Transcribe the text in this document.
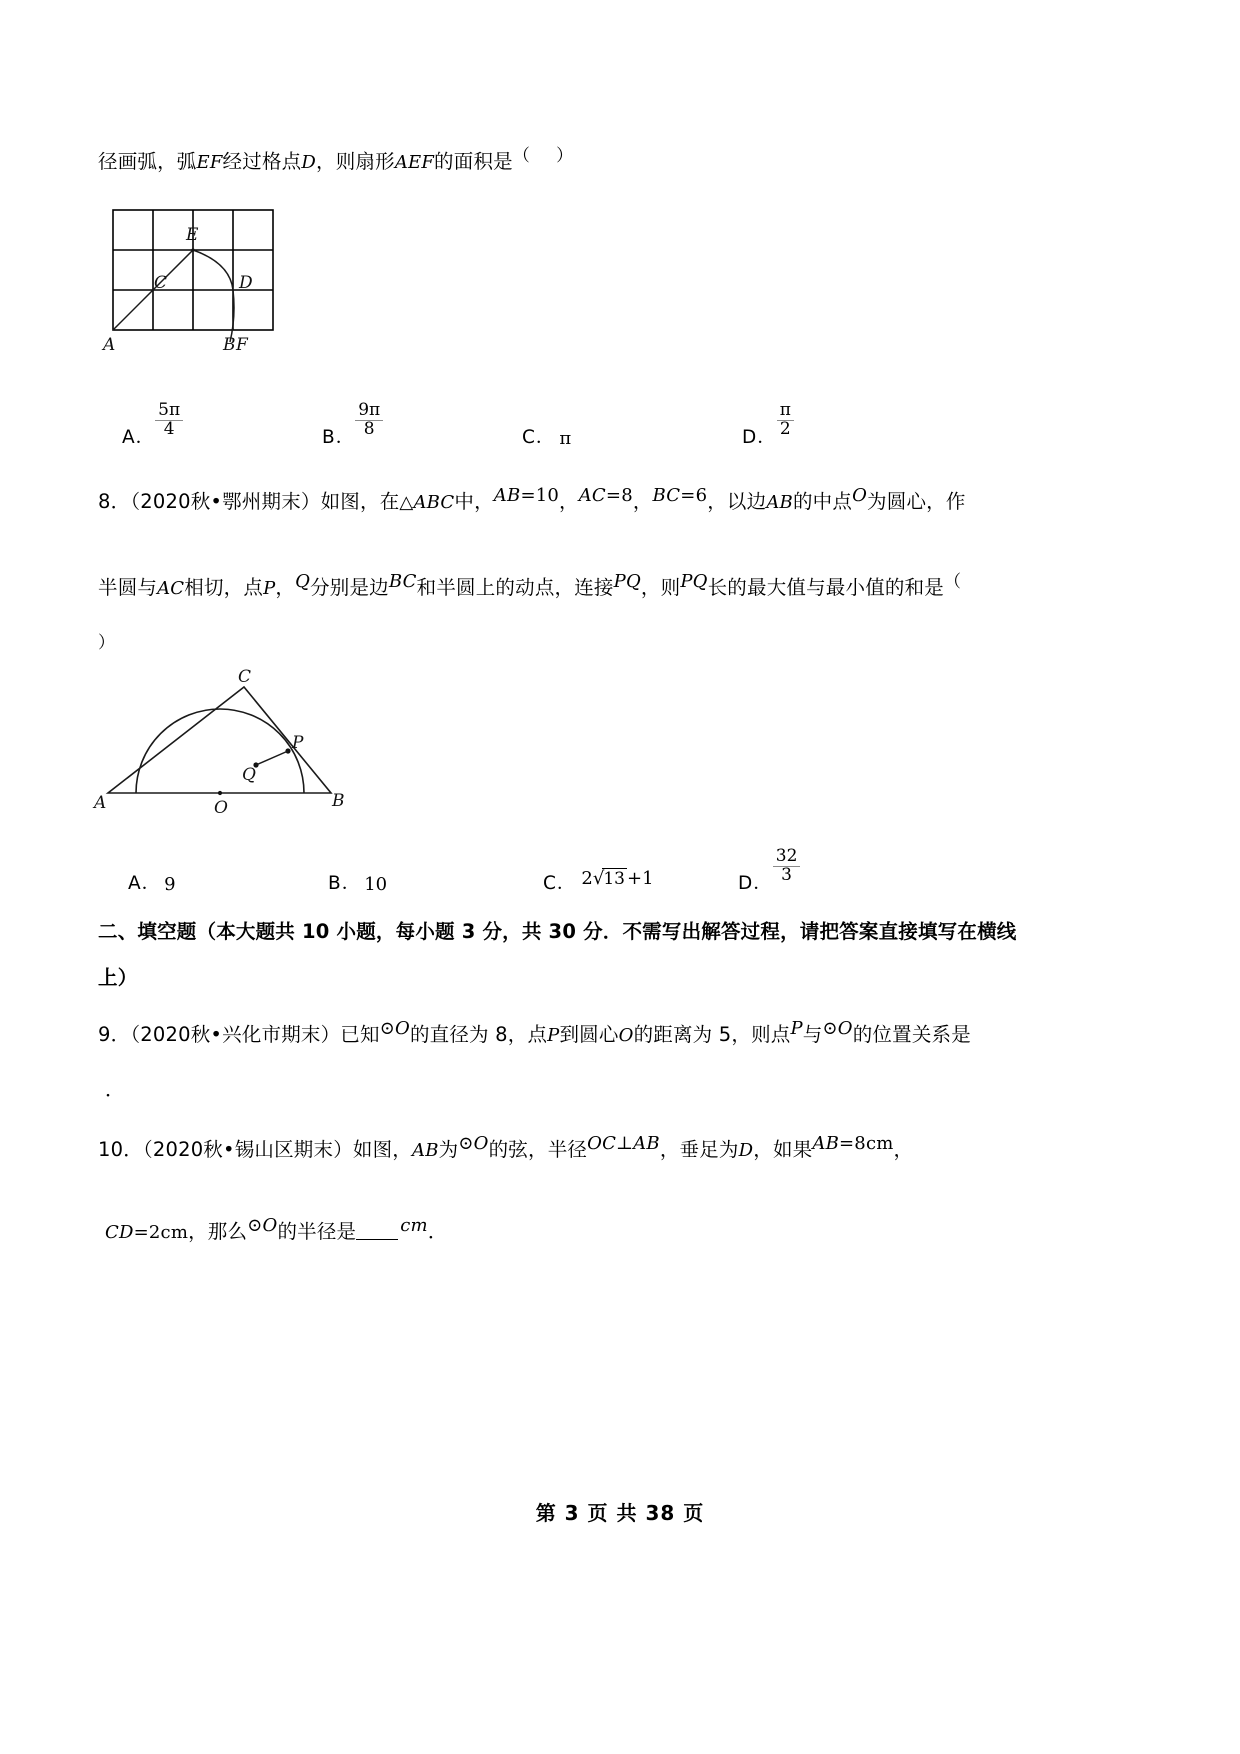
径画弧，弧EF经过格点D，则扇形AEF的面积是（ ）
E
C	D
A	B F
A． $\frac{5\pi}{4}$	B． $\frac{9\pi}{8}$	C． π	D． $\frac{\pi}{2}$
8．（2020秋•鄂州期末）如图，在△ABC中，AB=10，AC=8，BC=6，以边AB的中点O为圆心，作
半圆与AC相切，点P，Q分别是边BC和半圆上的动点，连接PQ，则PQ长的最大值与最小值的和是（
）
C
P
Q
A	O	B
A． 9	B． 10	C． 2√13 +1	D． $\frac{32}{3}$
二、填空题（本大题共 10 小题，每小题 3 分，共 30 分．不需写出解答过程，请把答案直接填写在横线
上）
9．（2020秋•兴化市期末）已知⊙O的直径为 8，点P到圆心O的距离为 5，则点P与⊙O的位置关系是
．
10．（2020秋•锡山区期末）如图，AB为⊙O的弦，半径OC⊥AB，垂足为D，如果AB=8cm，
CD=2cm，那么⊙O的半径是 cm．
第 3 页 共 38 页
